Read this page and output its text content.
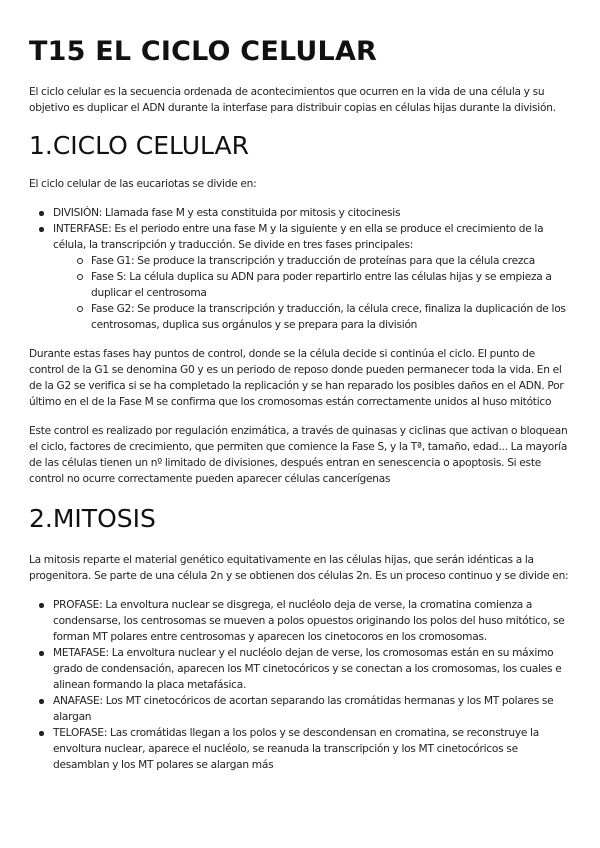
T15 EL CICLO CELULAR

El ciclo celular es la secuencia ordenada de acontecimientos que ocurren en la vida de una célula y su objetivo es duplicar el ADN durante la interfase para distribuir copias en células hijas durante la división.

1.CICLO CELULAR

El ciclo celular de las eucariotas se divide en:

DIVISIÓN: Llamada fase M y esta constituida por mitosis y citocinesis
INTERFASE: Es el periodo entre una fase M y la siguiente y en ella se produce el crecimiento de la célula, la transcripción y traducción. Se divide en tres fases principales:
Fase G1: Se produce la transcripción y traducción de proteínas para que la célula crezca
Fase S: La célula duplica su ADN para poder repartirlo entre las células hijas y se empieza a duplicar el centrosoma
Fase G2: Se produce la transcripción y traducción, la célula crece, finaliza la duplicación de los centrosomas, duplica sus orgánulos y se prepara para la división

Durante estas fases hay puntos de control, donde se la célula decide si continúa el ciclo. El punto de control de la G1 se denomina G0 y es un periodo de reposo donde pueden permanecer toda la vida. En el de la G2 se verifica si se ha completado la replicación y se han reparado los posibles daños en el ADN. Por último en el de la Fase M se confirma que los cromosomas están correctamente unidos al huso mitótico

Este control es realizado por regulación enzimática, a través de quinasas y ciclinas que activan o bloquean el ciclo, factores de crecimiento, que permiten que comience la Fase S, y la Tª, tamaño, edad... La mayoría de las células tienen un nº limitado de divisiones, después entran en senescencia o apoptosis. Si este control no ocurre correctamente pueden aparecer células cancerígenas

2.MITOSIS

La mitosis reparte el material genético equitativamente en las células hijas, que serán idénticas a la progenitora. Se parte de una célula 2n y se obtienen dos células 2n. Es un proceso continuo y se divide en:

PROFASE: La envoltura nuclear se disgrega, el nucléolo deja de verse, la cromatina comienza a condensarse, los centrosomas se mueven a polos opuestos originando los polos del huso mitótico, se forman MT polares entre centrosomas y aparecen los cinetocoros en los cromosomas.
METAFASE: La envoltura nuclear y el nucléolo dejan de verse, los cromosomas están en su máximo grado de condensación, aparecen los MT cinetocóricos y se conectan a los cromosomas, los cuales e alinean formando la placa metafásica.
ANAFASE: Los MT cinetocóricos de acortan separando las cromátidas hermanas y los MT polares se alargan
TELOFASE: Las cromátidas llegan a los polos y se descondensan en cromatina, se reconstruye la envoltura nuclear, aparece el nucléolo, se reanuda la transcripción y los MT cinetocóricos se desamblan y los MT polares se alargan más
